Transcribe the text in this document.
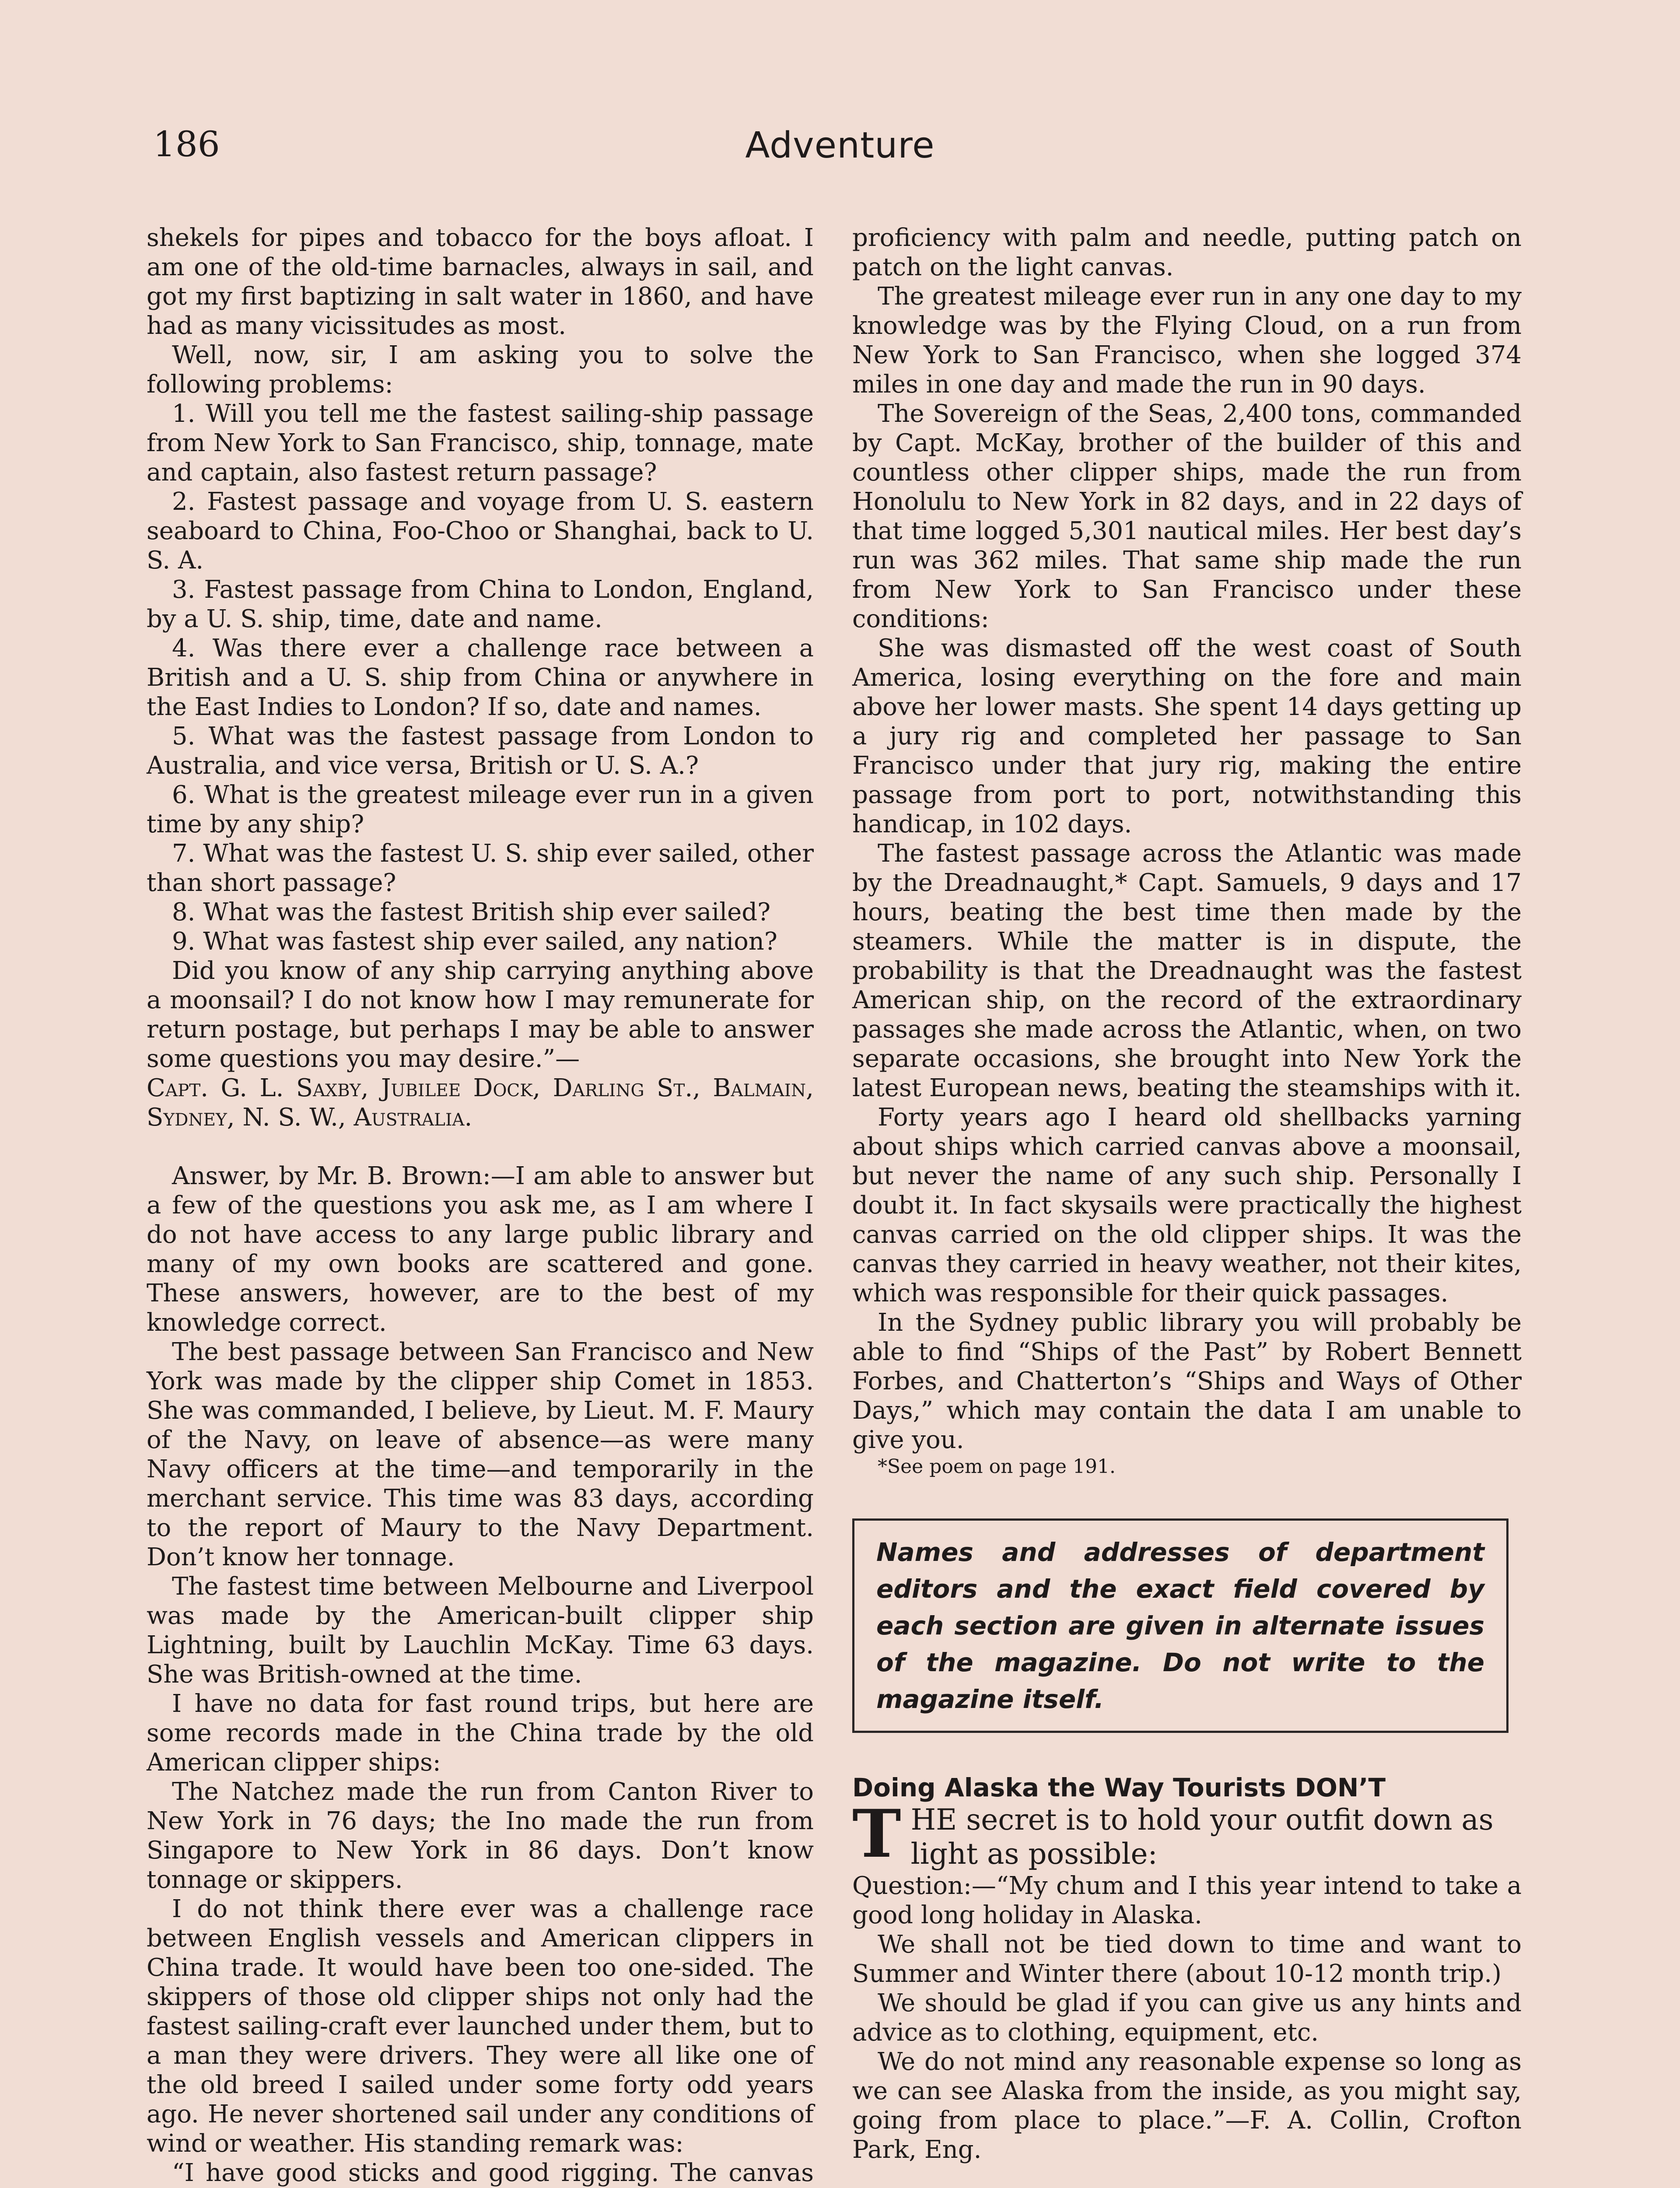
186	Adventure

shekels for pipes and tobacco for the boys afloat. I am one of the old-time barnacles, always in sail, and got my first baptizing in salt water in 1860, and have had as many vicissitudes as most.

Well, now, sir, I am asking you to solve the following problems:

1. Will you tell me the fastest sailing-ship passage from New York to San Francisco, ship, tonnage, mate and captain, also fastest return passage?

2. Fastest passage and voyage from U. S. eastern seaboard to China, Foo-Choo or Shanghai, back to U. S. A.

3. Fastest passage from China to London, England, by a U. S. ship, time, date and name.

4. Was there ever a challenge race between a British and a U. S. ship from China or anywhere in the East Indies to London? If so, date and names.

5. What was the fastest passage from London to Australia, and vice versa, British or U. S. A.?

6. What is the greatest mileage ever run in a given time by any ship?

7. What was the fastest U. S. ship ever sailed, other than short passage?

8. What was the fastest British ship ever sailed?

9. What was fastest ship ever sailed, any nation?

Did you know of any ship carrying anything above a moonsail? I do not know how I may remunerate for return postage, but perhaps I may be able to answer some questions you may desire.”—

Capt. G. L. Saxby, Jubilee Dock, Darling St., Balmain, Sydney, N. S. W., Australia.

Answer, by Mr. B. Brown:—I am able to answer but a few of the questions you ask me, as I am where I do not have access to any large public library and many of my own books are scattered and gone. These answers, however, are to the best of my knowledge correct.

The best passage between San Francisco and New York was made by the clipper ship Comet in 1853. She was commanded, I believe, by Lieut. M. F. Maury of the Navy, on leave of absence—as were many Navy officers at the time—and temporarily in the merchant service. This time was 83 days, according to the report of Maury to the Navy Department. Don’t know her tonnage.

The fastest time between Melbourne and Liverpool was made by the American-built clipper ship Lightning, built by Lauchlin McKay. Time 63 days. She was British-owned at the time.

I have no data for fast round trips, but here are some records made in the China trade by the old American clipper ships:

The Natchez made the run from Canton River to New York in 76 days; the Ino made the run from Singapore to New York in 86 days. Don’t know tonnage or skippers.

I do not think there ever was a challenge race between English vessels and American clippers in China trade. It would have been too one-sided. The skippers of those old clipper ships not only had the fastest sailing-craft ever launched under them, but to a man they were drivers. They were all like one of the old breed I sailed under some forty odd years ago. He never shortened sail under any conditions of wind or weather. His standing remark was:

“I have good sticks and good rigging. The canvas

proficiency with palm and needle, putting patch on patch on the light canvas.

The greatest mileage ever run in any one day to my knowledge was by the Flying Cloud, on a run from New York to San Francisco, when she logged 374 miles in one day and made the run in 90 days.

The Sovereign of the Seas, 2,400 tons, commanded by Capt. McKay, brother of the builder of this and countless other clipper ships, made the run from Honolulu to New York in 82 days, and in 22 days of that time logged 5,301 nautical miles. Her best day’s run was 362 miles. That same ship made the run from New York to San Francisco under these conditions:

She was dismasted off the west coast of South America, losing everything on the fore and main above her lower masts. She spent 14 days getting up a jury rig and completed her passage to San Francisco under that jury rig, making the entire passage from port to port, notwithstanding this handicap, in 102 days.

The fastest passage across the Atlantic was made by the Dreadnaught,* Capt. Samuels, 9 days and 17 hours, beating the best time then made by the steamers. While the matter is in dispute, the probability is that the Dreadnaught was the fastest American ship, on the record of the extraordinary passages she made across the Atlantic, when, on two separate occasions, she brought into New York the latest European news, beating the steamships with it.

Forty years ago I heard old shellbacks yarning about ships which carried canvas above a moonsail, but never the name of any such ship. Personally I doubt it. In fact skysails were practically the highest canvas carried on the old clipper ships. It was the canvas they carried in heavy weather, not their kites, which was responsible for their quick passages.

In the Sydney public library you will probably be able to find “Ships of the Past” by Robert Bennett Forbes, and Chatterton’s “Ships and Ways of Other Days,” which may contain the data I am unable to give you.

*See poem on page 191.

Names and addresses of department editors and the exact field covered by each section are given in alternate issues of the magazine. Do not write to the magazine itself.
Doing Alaska the Way Tourists DON’T

THE secret is to hold your outfit down as light as possible:

Question:—“My chum and I this year intend to take a good long holiday in Alaska.

We shall not be tied down to time and want to Summer and Winter there (about 10-12 month trip.)

We should be glad if you can give us any hints and advice as to clothing, equipment, etc.

We do not mind any reasonable expense so long as we can see Alaska from the inside, as you might say, going from place to place.”—F. A. Collin, Crofton Park, Eng.
